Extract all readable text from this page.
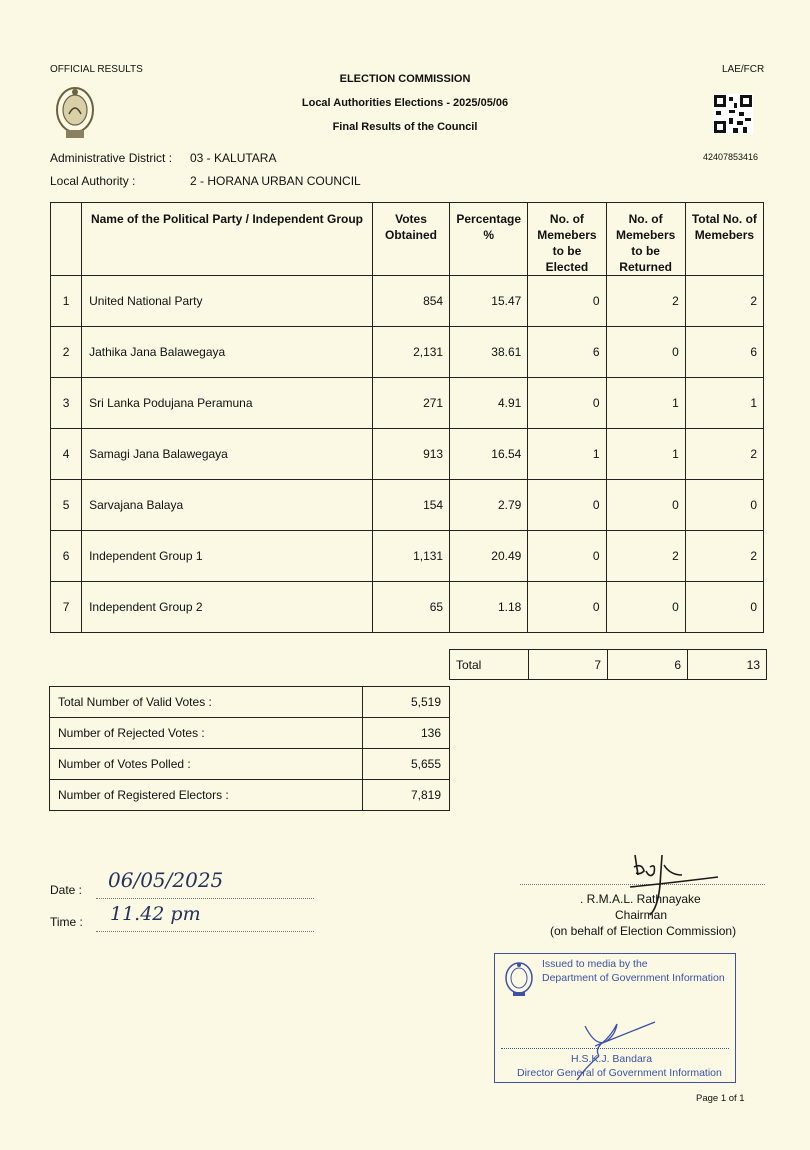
OFFICIAL RESULTS	LAE/FCR
ELECTION COMMISSION
Local Authorities Elections - 2025/05/06
Final Results of the Council
42407853416
Administrative District : 03 - KALUTARA
Local Authority :	2 - HORANA URBAN COUNCIL
	Name of the Political Party / Independent Group	Votes Obtained	Percentage %	No. of Memebers to be Elected	No. of Memebers to be Returned	Total No. of Memebers
1	United National Party	854	15.47	0	2	2
2	Jathika Jana Balawegaya	2,131	38.61	6	0	6
3	Sri Lanka Podujana Peramuna	271	4.91	0	1	1
4	Samagi Jana Balawegaya	913	16.54	1	1	2
5	Sarvajana Balaya	154	2.79	0	0	0
6	Independent Group 1	1,131	20.49	0	2	2
7	Independent Group 2	65	1.18	0	0	0
Total	7	6	13
Total Number of Valid Votes :	5,519
Number of Rejected Votes :	136
Number of Votes Polled :	5,655
Number of Registered Electors :	7,819
Date :	06/05/2025
Time :	11.42 pm
. R.M.A.L. Rathnayake
Chairman
(on behalf of Election Commission)
Issued to media by the
Department of Government Information
H.S.K.J. Bandara
Director General of Government Information
Page 1 of 1
